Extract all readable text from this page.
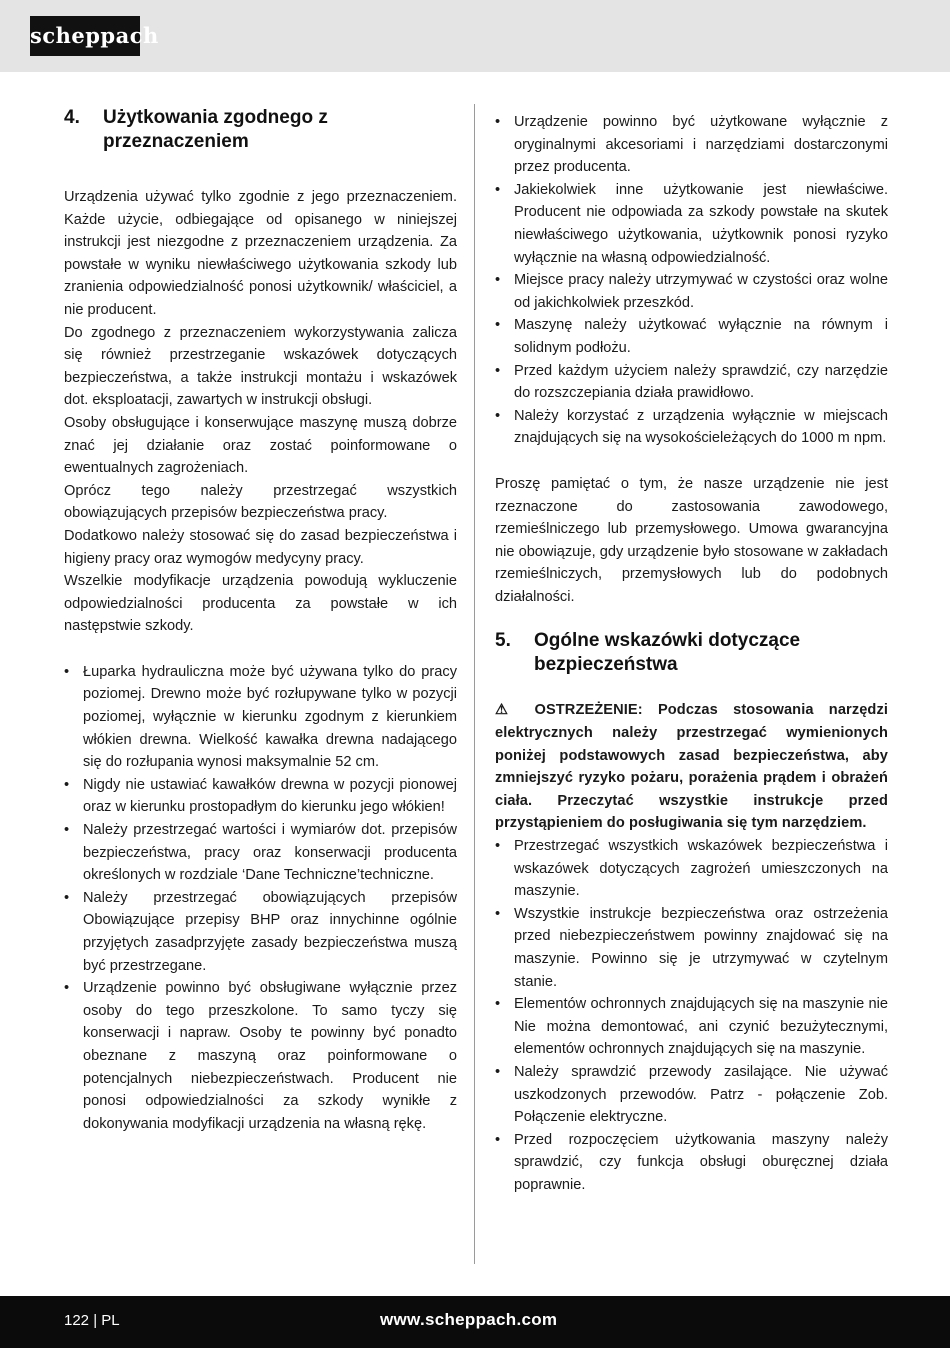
scheppach
4.	Użytkowania zgodnego z przeznaczeniem

Urządzenia używać tylko zgodnie z jego przeznaczeniem. Każde użycie, odbiegające od opisanego w niniejszej instrukcji jest niezgodne z przeznaczeniem urządzenia. Za powstałe w wyniku niewłaściwego użytkowania szkody lub zranienia odpowiedzialność ponosi użytkownik/ właściciel, a nie producent.

Do zgodnego z przeznaczeniem wykorzystywania zalicza się również przestrzeganie wskazówek dotyczących bezpieczeństwa, a także instrukcji montażu i wskazówek dot. eksploatacji, zawartych w instrukcji obsługi.

Osoby obsługujące i konserwujące maszynę muszą dobrze znać jej działanie oraz zostać poinformowane o ewentualnych zagrożeniach.

Oprócz tego należy przestrzegać wszystkich obowiązujących przepisów bezpieczeństwa pracy.

Dodatkowo należy stosować się do zasad bezpieczeństwa i higieny pracy oraz wymogów medycyny pracy.

Wszelkie modyfikacje urządzenia powodują wykluczenie odpowiedzialności producenta za powstałe w ich następstwie szkody.

• Łuparka hydrauliczna może być używana tylko do pracy poziomej. Drewno może być rozłupywane tylko w pozycji poziomej, wyłącznie w kierunku zgodnym z kierunkiem włókien drewna. Wielkość kawałka drewna nadającego się do rozłupania wynosi maksymalnie 52 cm.
• Nigdy nie ustawiać kawałków drewna w pozycji pionowej oraz w kierunku prostopadłym do kierunku jego włókien!
• Należy przestrzegać wartości i wymiarów dot. przepisów bezpieczeństwa, pracy oraz konserwacji producenta określonych w rozdziale ‘Dane Techniczne’techniczne.
• Należy przestrzegać obowiązujących przepisów Obowiązujące przepisy BHP oraz innychinne ogólnie przyjętych zasadprzyjęte zasady bezpieczeństwa muszą być przestrzegane.
• Urządzenie powinno być obsługiwane wyłącznie przez osoby do tego przeszkolone. To samo tyczy się konserwacji i napraw. Osoby te powinny być ponadto obeznane z maszyną oraz poinformowane o potencjalnych niebezpieczeństwach. Producent nie ponosi odpowiedzialności za szkody wynikłe z dokonywania modyfikacji urządzenia na własną rękę.
• Urządzenie powinno być użytkowane wyłącznie z oryginalnymi akcesoriami i narzędziami dostarczonymi przez producenta.
• Jakiekolwiek inne użytkowanie jest niewłaściwe. Producent nie odpowiada za szkody powstałe na skutek niewłaściwego użytkowania, użytkownik ponosi ryzyko wyłącznie na własną odpowiedzialność.
• Miejsce pracy należy utrzymywać w czystości oraz wolne od jakichkolwiek przeszkód.
• Maszynę należy użytkować wyłącznie na równym i solidnym podłożu.
• Przed każdym użyciem należy sprawdzić, czy narzędzie do rozszczepiania działa prawidłowo.
• Należy korzystać z urządzenia wyłącznie w miejscach znajdujących się na wysokościeleżących do 1000 m npm.

Proszę pamiętać o tym, że nasze urządzenie nie jest rzeznaczone do zastosowania zawodowego, rzemieślniczego lub przemysłowego. Umowa gwarancyjna nie obowiązuje, gdy urządzenie było stosowane w zakładach rzemieślniczych, przemysłowych lub do podobnych działalności.

5.	Ogólne wskazówki dotyczące bezpieczeństwa

⚠ OSTRZEŻENIE: Podczas stosowania narzędzi elektrycznych należy przestrzegać wymienionych poniżej podstawowych zasad bezpieczeństwa, aby zmniejszyć ryzyko pożaru, porażenia prądem i obrażeń ciała. Przeczytać wszystkie instrukcje przed przystąpieniem do posługiwania się tym narzędziem.

• Przestrzegać wszystkich wskazówek bezpieczeństwa i wskazówek dotyczących zagrożeń umieszczonych na maszynie.
• Wszystkie instrukcje bezpieczeństwa oraz ostrzeżenia przed niebezpieczeństwem powinny znajdować się na maszynie. Powinno się je utrzymywać w czytelnym stanie.
• Elementów ochronnych znajdujących się na maszynie nie Nie można demontować, ani czynić bezużytecznymi, elementów ochronnych znajdujących się na maszynie.
• Należy sprawdzić przewody zasilające. Nie używać uszkodzonych przewodów. Patrz - połączenie Zob. Połączenie elektryczne.
• Przed rozpoczęciem użytkowania maszyny należy sprawdzić, czy funkcja obsługi oburęcznej działa poprawnie.
122 | PL	www.scheppach.com
